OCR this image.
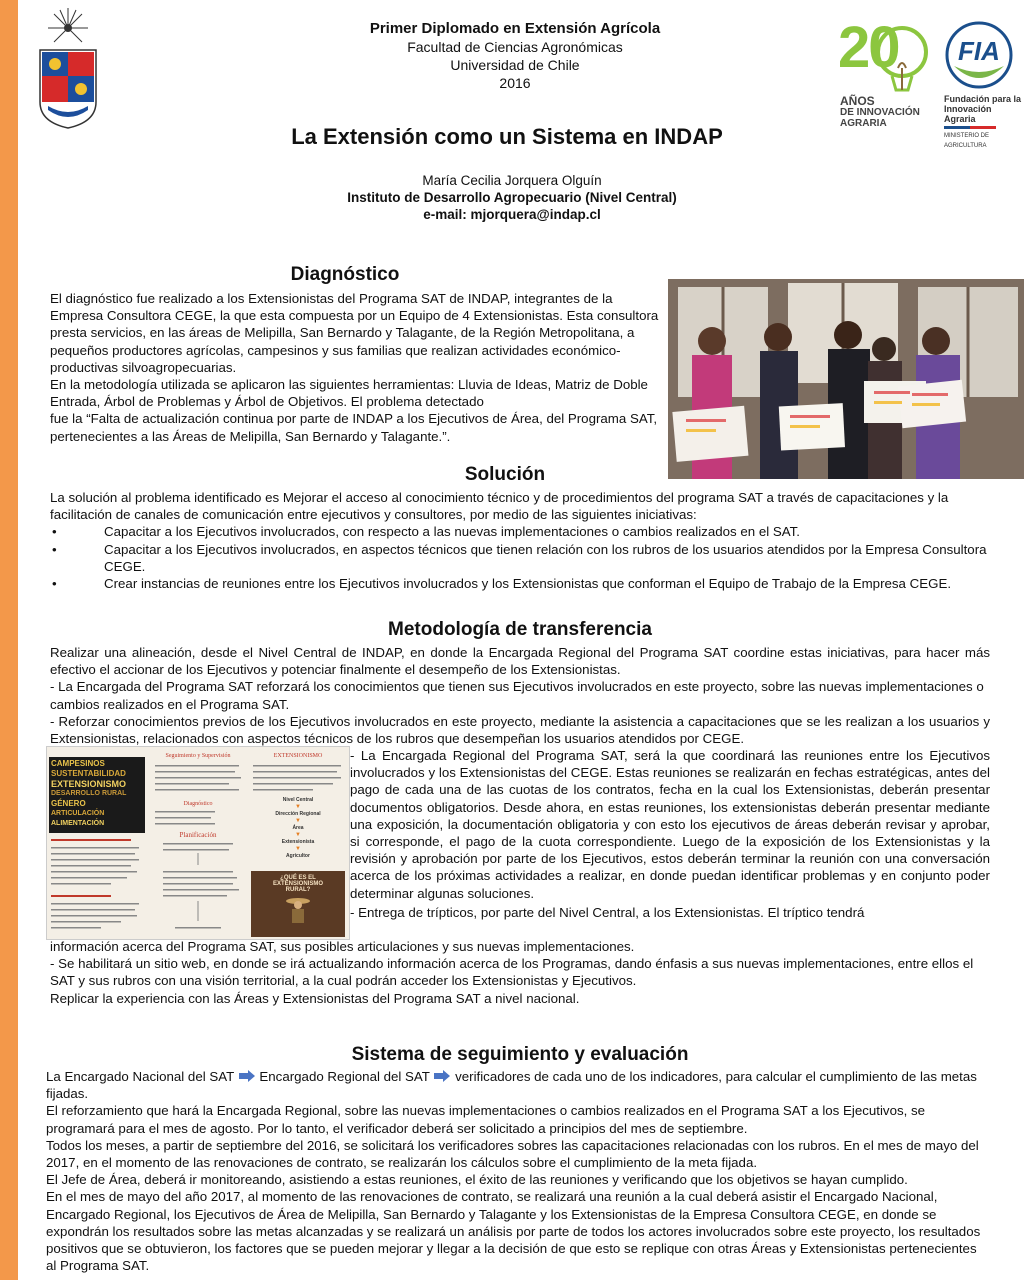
Primer Diplomado en Extensión Agrícola
Facultad de Ciencias Agronómicas
Universidad de Chile
2016
20
AÑOS
DE INNOVACIÓN
AGRARIA
FIA
Fundación para la
Innovación Agraria
MINISTERIO DE AGRICULTURA
La Extensión como un Sistema en INDAP
María Cecilia Jorquera Olguín
Instituto de Desarrollo Agropecuario (Nivel Central)
e-mail: mjorquera@indap.cl
Diagnóstico

El diagnóstico fue realizado a los Extensionistas del Programa SAT de INDAP, integrantes de la Empresa Consultora CEGE, la que esta compuesta por un Equipo de 4 Extensionistas. Esta consultora presta servicios, en las áreas de Melipilla, San Bernardo y Talagante, de la Región Metropolitana, a pequeños productores agrícolas, campesinos y sus familias que realizan actividades económico-productivas silvoagropecuarias.

En la metodología utilizada se aplicaron las siguientes herramientas: Lluvia de Ideas, Matriz de Doble Entrada, Árbol de Problemas y Árbol de Objetivos. El problema detectado

fue la “Falta de actualización continua por parte de INDAP a los Ejecutivos de Área, del Programa SAT, pertenecientes a las Áreas de Melipilla, San Bernardo y Talagante.”.

Solución

La solución al problema identificado es Mejorar el acceso al conocimiento técnico y de procedimientos del programa SAT a través de capacitaciones y la facilitación de canales de comunicación entre ejecutivos y consultores, por medio de las siguientes iniciativas:

• Capacitar a los Ejecutivos involucrados, con respecto a las nuevas implementaciones o cambios realizados en el SAT.
• Capacitar a los Ejecutivos involucrados, en aspectos técnicos que tienen relación con los rubros de los usuarios atendidos por la Empresa Consultora CEGE.
• Crear instancias de reuniones entre los Ejecutivos involucrados y los Extensionistas que conforman el Equipo de Trabajo de la Empresa CEGE.
Metodología de transferencia

Realizar una alineación, desde el Nivel Central de INDAP, en donde la Encargada Regional del Programa SAT coordine estas iniciativas, para hacer más efectivo el accionar de los Ejecutivos y potenciar finalmente el desempeño de los Extensionistas.

- La Encargada del Programa SAT reforzará los conocimientos que tienen sus Ejecutivos involucrados en este proyecto, sobre las nuevas implementaciones o cambios realizados en el Programa SAT.

- Reforzar conocimientos previos de los Ejecutivos involucrados en este proyecto, mediante la asistencia a capacitaciones que se les realizan a los usuarios y Extensionistas, relacionados con aspectos técnicos de los rubros que desempeñan los usuarios atendidos por CEGE.

CAMPESINOS
SUSTENTABILIDAD
EXTENSIONISMO
DESARROLLO RURAL
GÉNERO
ARTICULACIÓN
ALIMENTACIÓN
Seguimiento y Supervisión
Diagnóstico
Planificación
EXTENSIONISMO
Nivel Central
▼
Dirección Regional
▼
Área
▼
Extensionista
▼
Agricultor
¿QUÉ ES EL EXTENSIONISMO RURAL?

- La Encargada Regional del Programa SAT, será la que coordinará las reuniones entre los Ejecutivos involucrados y los Extensionistas del CEGE. Estas reuniones se realizarán en fechas estratégicas, antes del pago de cada una de las cuotas de los contratos, fecha en la cual los Extensionistas, deberán presentar documentos obligatorios. Desde ahora, en estas reuniones, los extensionistas deberán presentar mediante una exposición, la documentación obligatoria y con esto los ejecutivos de áreas deberán revisar y aprobar, si corresponde, el pago de la cuota correspondiente. Luego de la exposición de los Extensionistas y la revisión y aprobación por parte de los Ejecutivos, estos deberán terminar la reunión con una conversación acerca de los próximas actividades a realizar, en donde puedan identificar problemas y en conjunto poder determinar algunas soluciones.

- Entrega de trípticos, por parte del Nivel Central, a los Extensionistas. El tríptico tendrá

información acerca del Programa SAT, sus posibles articulaciones y sus nuevas implementaciones.

- Se habilitará un sitio web, en donde se irá actualizando información acerca de los Programas, dando énfasis a sus nuevas implementaciones, entre ellos el SAT y sus rubros con una visión territorial, a la cual podrán acceder los Extensionistas y Ejecutivos.

Replicar la experiencia con las Áreas y Extensionistas del Programa SAT a nivel nacional.

Sistema de seguimiento y evaluación

La Encargado Nacional del SAT Encargado Regional del SAT verificadores de cada uno de los indicadores, para calcular el cumplimiento de las metas fijadas.

El reforzamiento que hará la Encargada Regional, sobre las nuevas implementaciones o cambios realizados en el Programa SAT a los Ejecutivos, se programará para el mes de agosto. Por lo tanto, el verificador deberá ser solicitado a principios del mes de septiembre.

Todos los meses, a partir de septiembre del 2016, se solicitará los verificadores sobres las capacitaciones relacionadas con los rubros. En el mes de mayo del 2017, en el momento de las renovaciones de contrato, se realizarán los cálculos sobre el cumplimiento de la meta fijada.

El Jefe de Área, deberá ir monitoreando, asistiendo a estas reuniones, el éxito de las reuniones y verificando que los objetivos se hayan cumplido.

En el mes de mayo del año 2017, al momento de las renovaciones de contrato, se realizará una reunión a la cual deberá asistir el Encargado Nacional, Encargado Regional, los Ejecutivos de Área de Melipilla, San Bernardo y Talagante y los Extensionistas de la Empresa Consultora CEGE, en donde se expondrán los resultados sobre las metas alcanzadas y se realizará un análisis por parte de todos los actores involucrados sobre este proyecto, los resultados positivos que se obtuvieron, los factores que se pueden mejorar y llegar a la decisión de que esto se replique con otras Áreas y Extensionistas pertenecientes al Programa SAT.
